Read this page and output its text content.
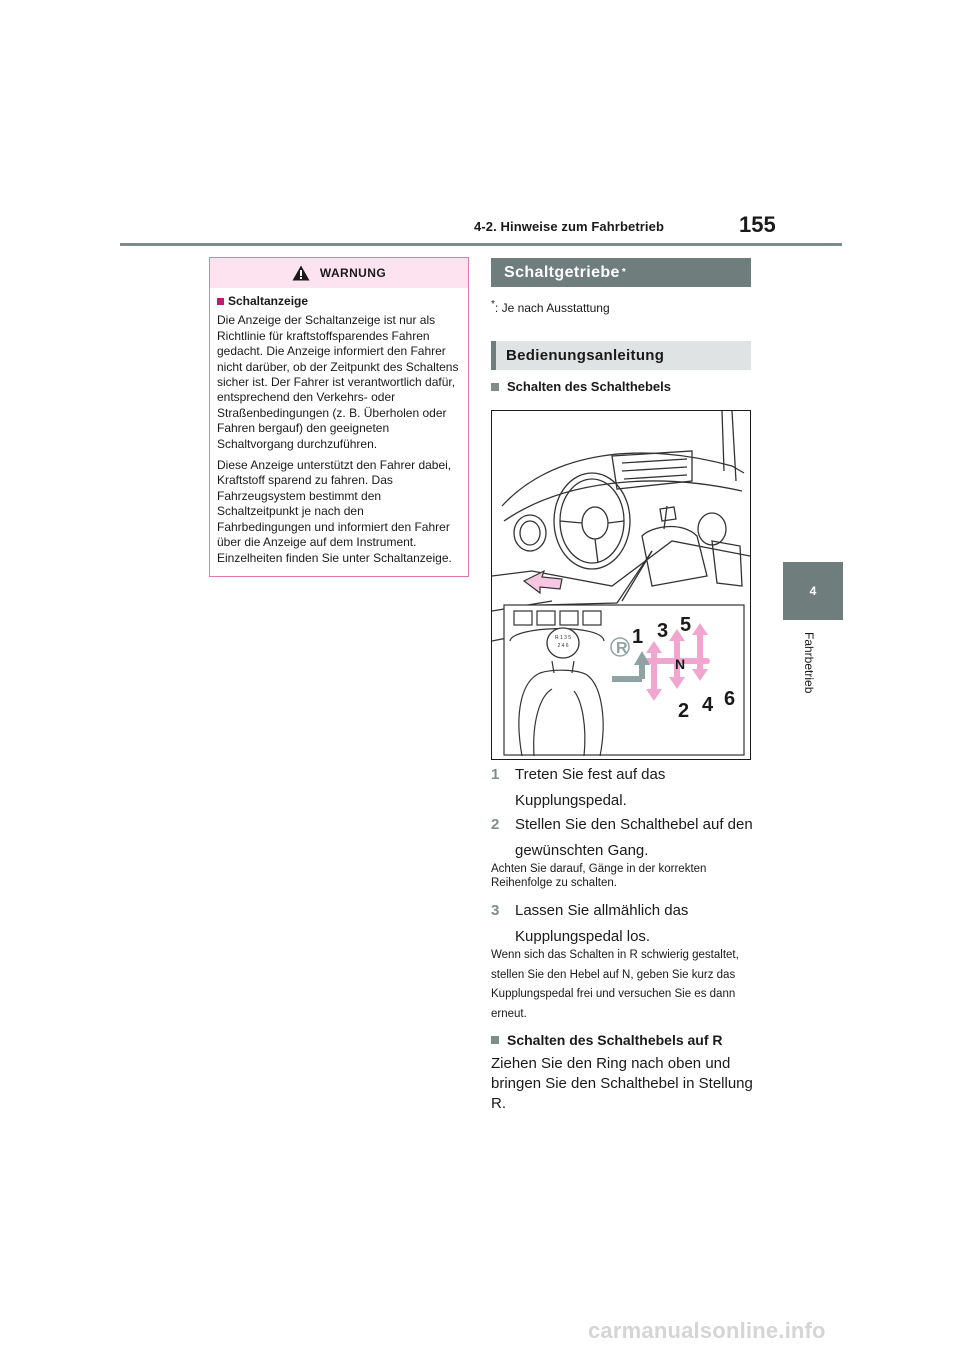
4-2. Hinweise zum Fahrbetrieb	155
4
Fahrbetrieb
WARNUNG
Schaltanzeige

Die Anzeige der Schaltanzeige ist nur als Richtlinie für kraftstoffsparendes Fahren gedacht. Die Anzeige informiert den Fahrer nicht darüber, ob der Zeitpunkt des Schaltens sicher ist. Der Fahrer ist verantwortlich dafür, entsprechend den Verkehrs- oder Straßenbedingungen (z. B. Überholen oder Fahren bergauf) den geeigneten Schaltvorgang durchzuführen.

Diese Anzeige unterstützt den Fahrer dabei, Kraftstoff sparend zu fahren. Das Fahrzeugsystem bestimmt den Schaltzeitpunkt je nach den Fahrbedingungen und informiert den Fahrer über die Anzeige auf dem Instrument. Einzelheiten finden Sie unter Schaltanzeige.

Schaltgetriebe *
*: Je nach Ausstattung
Bedienungsanleitung
Schalten des Schalthebels
R 1 3 5
2 4 6	R
1 3 5
N
2 4 6
1	Treten Sie fest auf das Kupplungspedal.
2	Stellen Sie den Schalthebel auf den gewünschten Gang.
Achten Sie darauf, Gänge in der korrekten Reihenfolge zu schalten.
3	Lassen Sie allmählich das Kupplungspedal los.
Wenn sich das Schalten in R schwierig gestaltet, stellen Sie den Hebel auf N, geben Sie kurz das Kupplungspedal frei und versuchen Sie es dann erneut.
Schalten des Schalthebels auf R
Ziehen Sie den Ring nach oben und bringen Sie den Schalthebel in Stellung R.
carmanualsonline.info
